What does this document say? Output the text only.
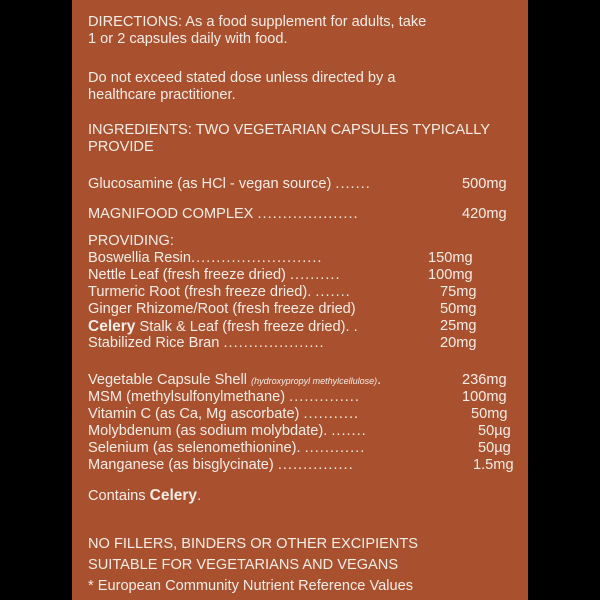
DIRECTIONS: As a food supplement for adults, take
1 or 2 capsules daily with food.
Do not exceed stated dose unless directed by a
healthcare practitioner.
INGREDIENTS: TWO VEGETARIAN CAPSULES TYPICALLY
PROVIDE
Glucosamine (as HCl - vegan source) .......	500mg
MAGNIFOOD COMPLEX ....................	420mg
PROVIDING:
Boswellia Resin..........................	150mg
Nettle Leaf (fresh freeze dried) ..........	100mg
Turmeric Root (fresh freeze dried). .......	75mg
Ginger Rhizome/Root (fresh freeze dried)	50mg
Celery Stalk & Leaf (fresh freeze dried). .	25mg
Stabilized Rice Bran ....................	20mg
Vegetable Capsule Shell (hydroxypropyl methylcellulose).	236mg
MSM (methylsulfonylmethane) ..............	100mg
Vitamin C (as Ca, Mg ascorbate) ...........	50mg
Molybdenum (as sodium molybdate). .......	50µg
Selenium (as selenomethionine). ............	50µg
Manganese (as bisglycinate) ...............	1.5mg
Contains Celery.
NO FILLERS, BINDERS OR OTHER EXCIPIENTS
SUITABLE FOR VEGETARIANS AND VEGANS
* European Community Nutrient Reference Values
